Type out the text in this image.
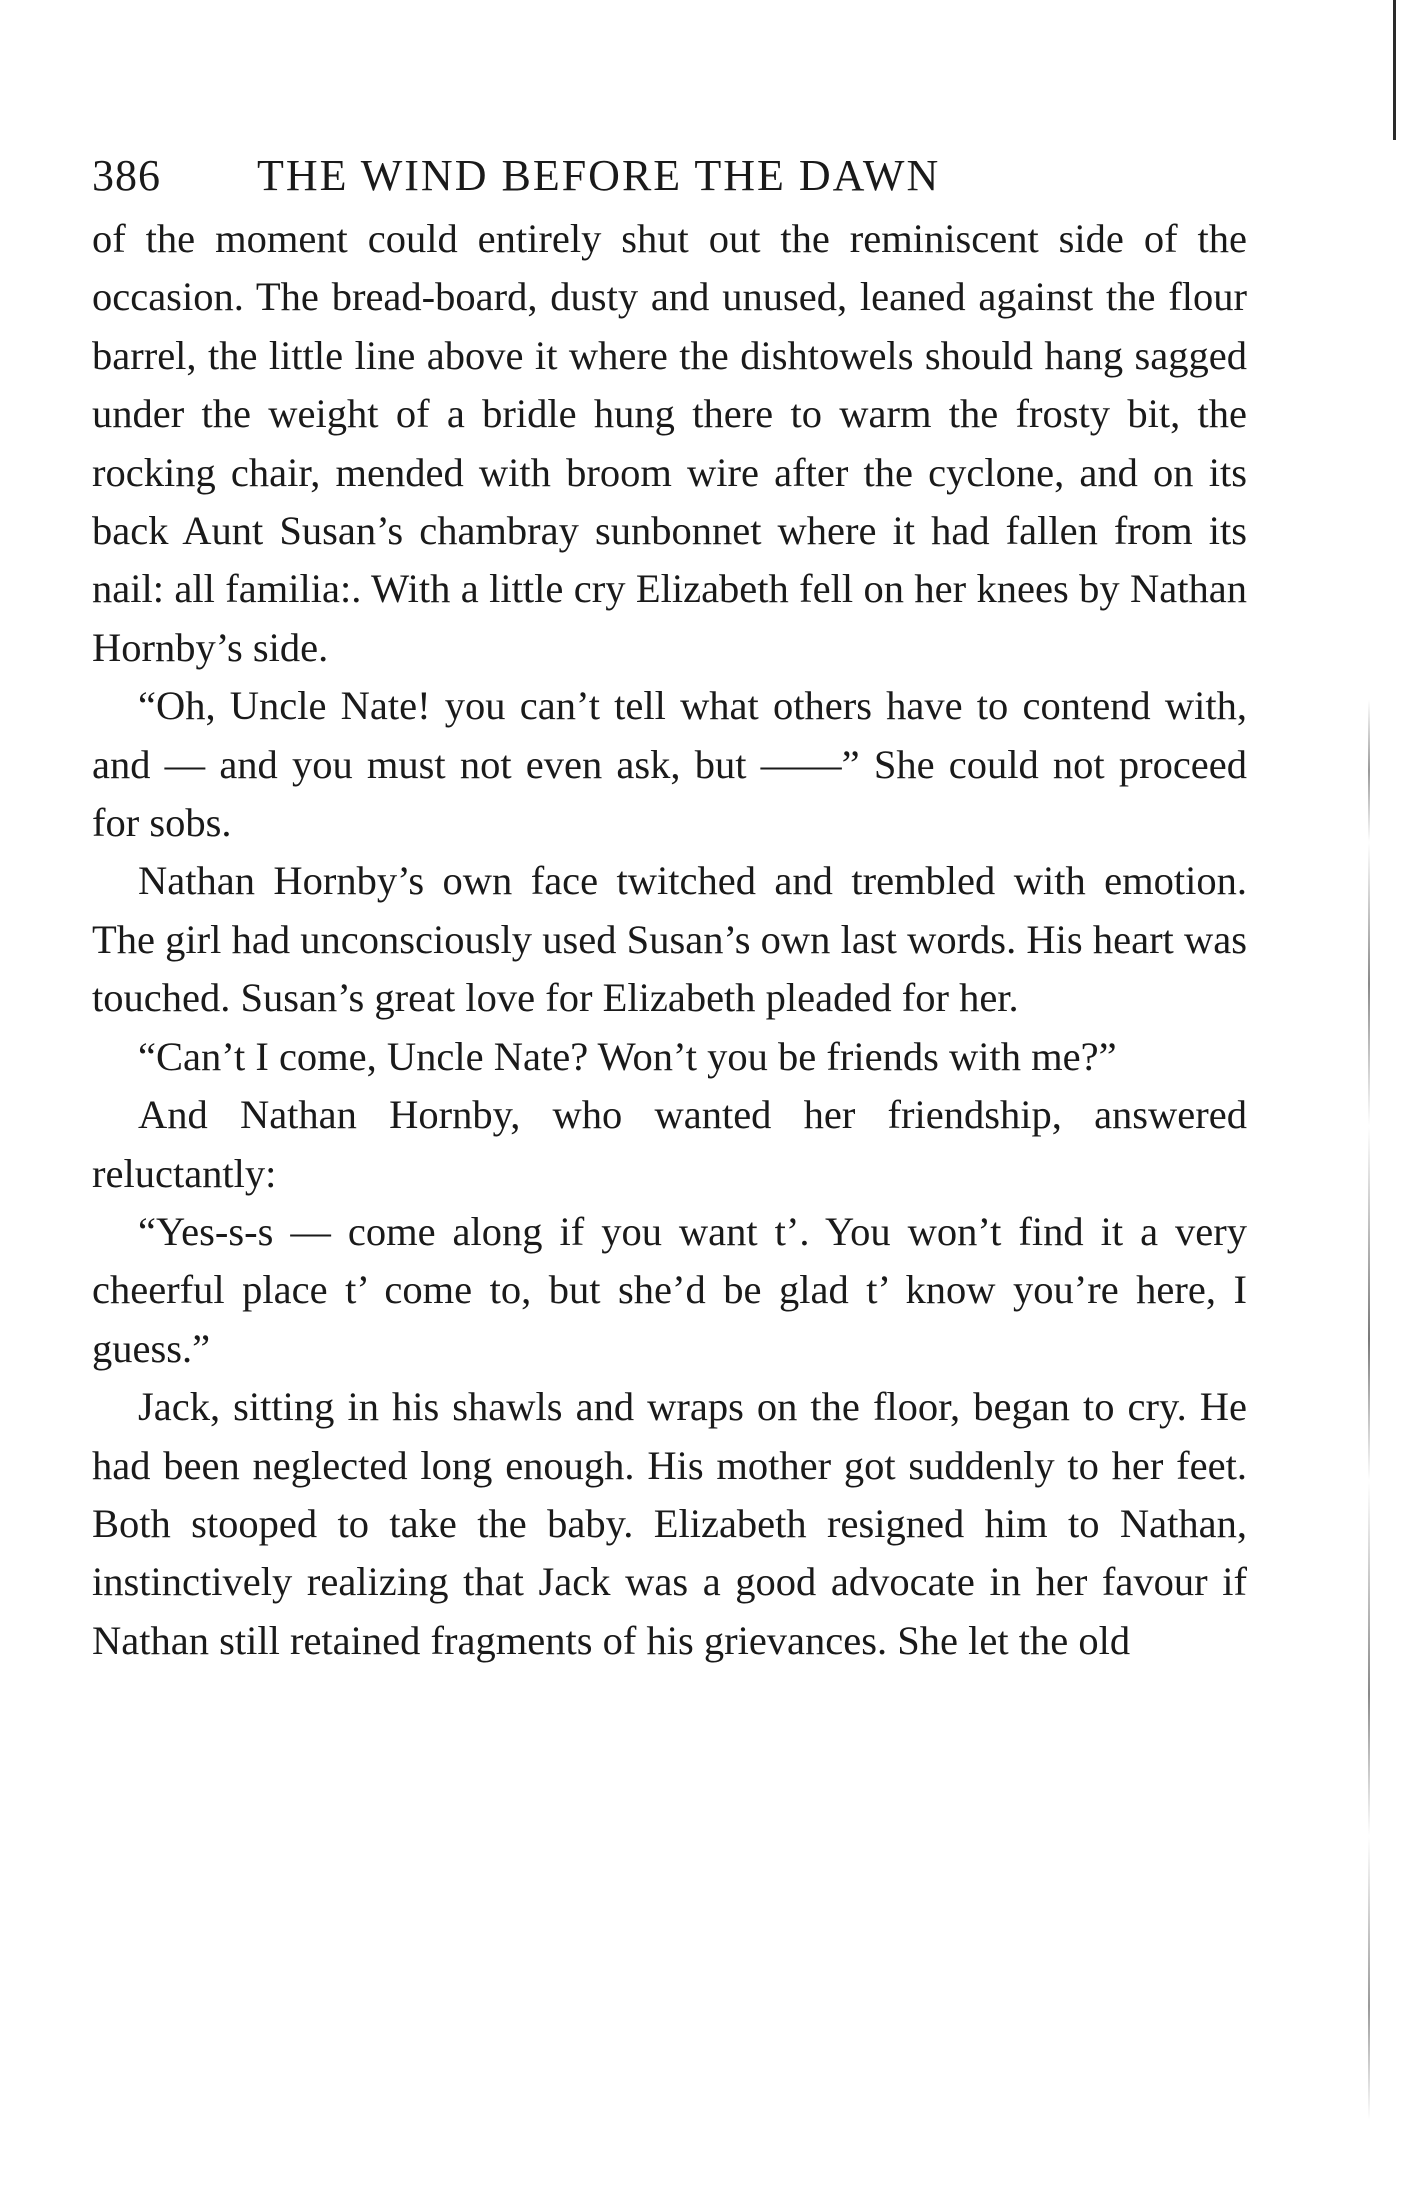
386	THE WIND BEFORE THE DAWN

of the moment could entirely shut out the reminiscent side of the occasion. The bread-board, dusty and unused, leaned against the flour barrel, the little line above it where the dishtowels should hang sagged under the weight of a bridle hung there to warm the frosty bit, the rocking chair, mended with broom wire after the cyclone, and on its back Aunt Susan’s chambray sunbonnet where it had fallen from its nail: all familia:. With a little cry Elizabeth fell on her knees by Nathan Hornby’s side.

“Oh, Uncle Nate! you can’t tell what others have to contend with, and — and you must not even ask, but ——” She could not proceed for sobs.

Nathan Hornby’s own face twitched and trembled with emotion. The girl had unconsciously used Susan’s own last words. His heart was touched. Susan’s great love for Elizabeth pleaded for her.

“Can’t I come, Uncle Nate? Won’t you be friends with me?”

And Nathan Hornby, who wanted her friendship, answered reluctantly:

“Yes-s-s — come along if you want t’. You won’t find it a very cheerful place t’ come to, but she’d be glad t’ know you’re here, I guess.”

Jack, sitting in his shawls and wraps on the floor, began to cry. He had been neglected long enough. His mother got suddenly to her feet. Both stooped to take the baby. Elizabeth resigned him to Nathan, instinctively realizing that Jack was a good advocate in her favour if Nathan still retained fragments of his grievances. She let the old
